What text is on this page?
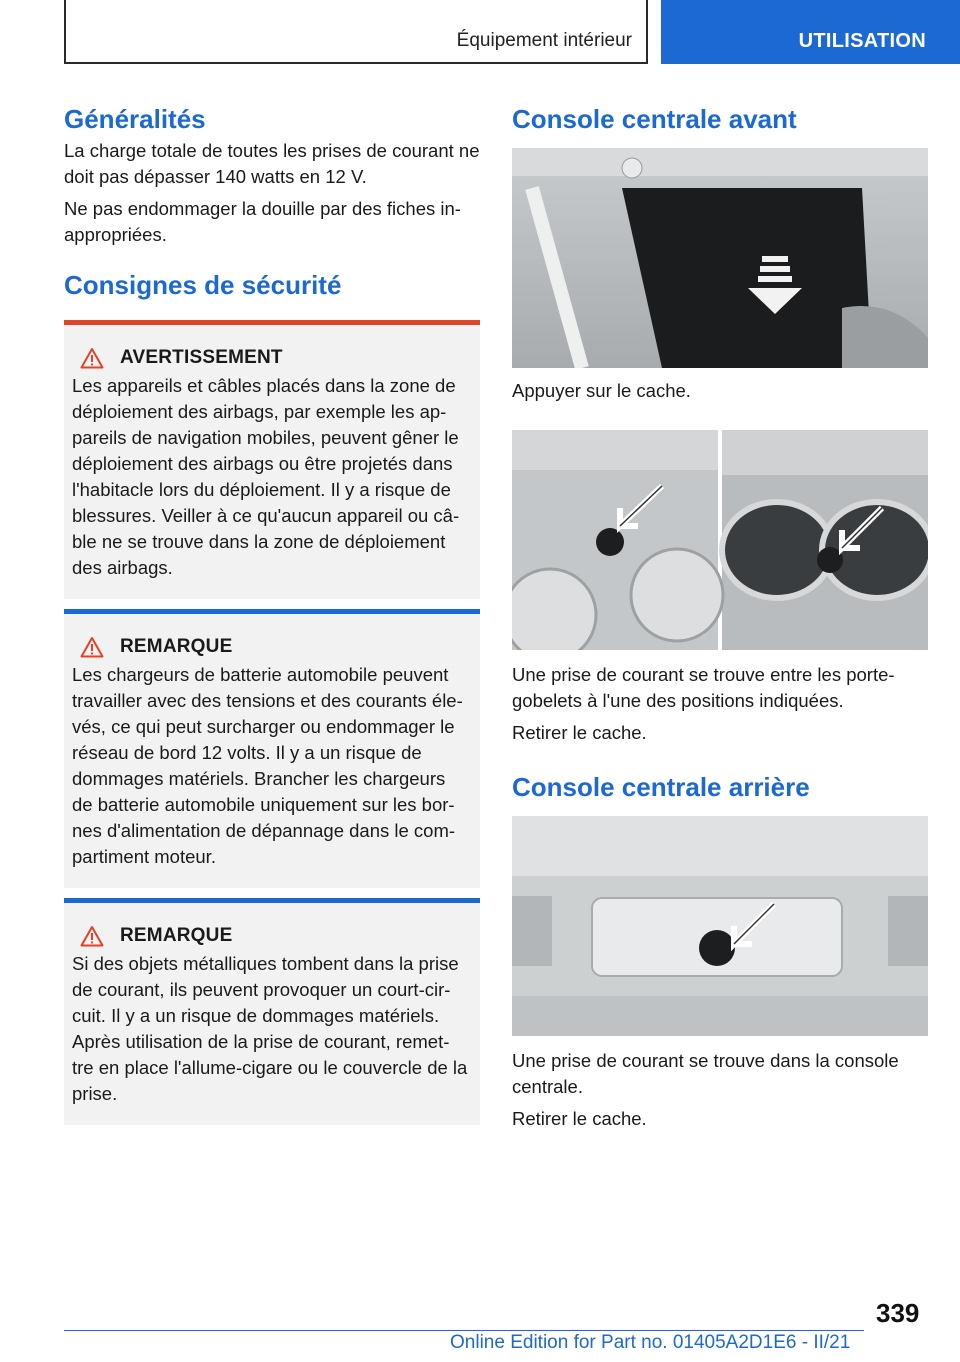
Équipement intérieur	UTILISATION
Généralités

La charge totale de toutes les prises de courant ne doit pas dépasser 140 watts en 12 V.

Ne pas endommager la douille par des fiches in‐appropriées.

Consignes de sécurité
AVERTISSEMENT

Les appareils et câbles placés dans la zone de déploiement des airbags, par exemple les ap‐pareils de navigation mobiles, peuvent gêner le déploiement des airbags ou être projetés dans l'habitacle lors du déploiement. Il y a risque de blessures. Veiller à ce qu'aucun appareil ou câ‐ble ne se trouve dans la zone de déploiement des airbags.

REMARQUE

Les chargeurs de batterie automobile peuvent travailler avec des tensions et des courants éle‐vés, ce qui peut surcharger ou endommager le réseau de bord 12 volts. Il y a un risque de dommages matériels. Brancher les chargeurs de batterie automobile uniquement sur les bor‐nes d'alimentation de dépannage dans le com‐partiment moteur.

REMARQUE

Si des objets métalliques tombent dans la prise de courant, ils peuvent provoquer un court-cir‐cuit. Il y a un risque de dommages matériels. Après utilisation de la prise de courant, remet‐tre en place l'allume-cigare ou le couvercle de la prise.

Console centrale avant

Appuyer sur le cache.

Une prise de courant se trouve entre les porte-gobelets à l'une des positions indiquées.

Retirer le cache.

Console centrale arrière

Une prise de courant se trouve dans la console centrale.

Retirer le cache.

339
Online Edition for Part no. 01405A2D1E6 - II/21
